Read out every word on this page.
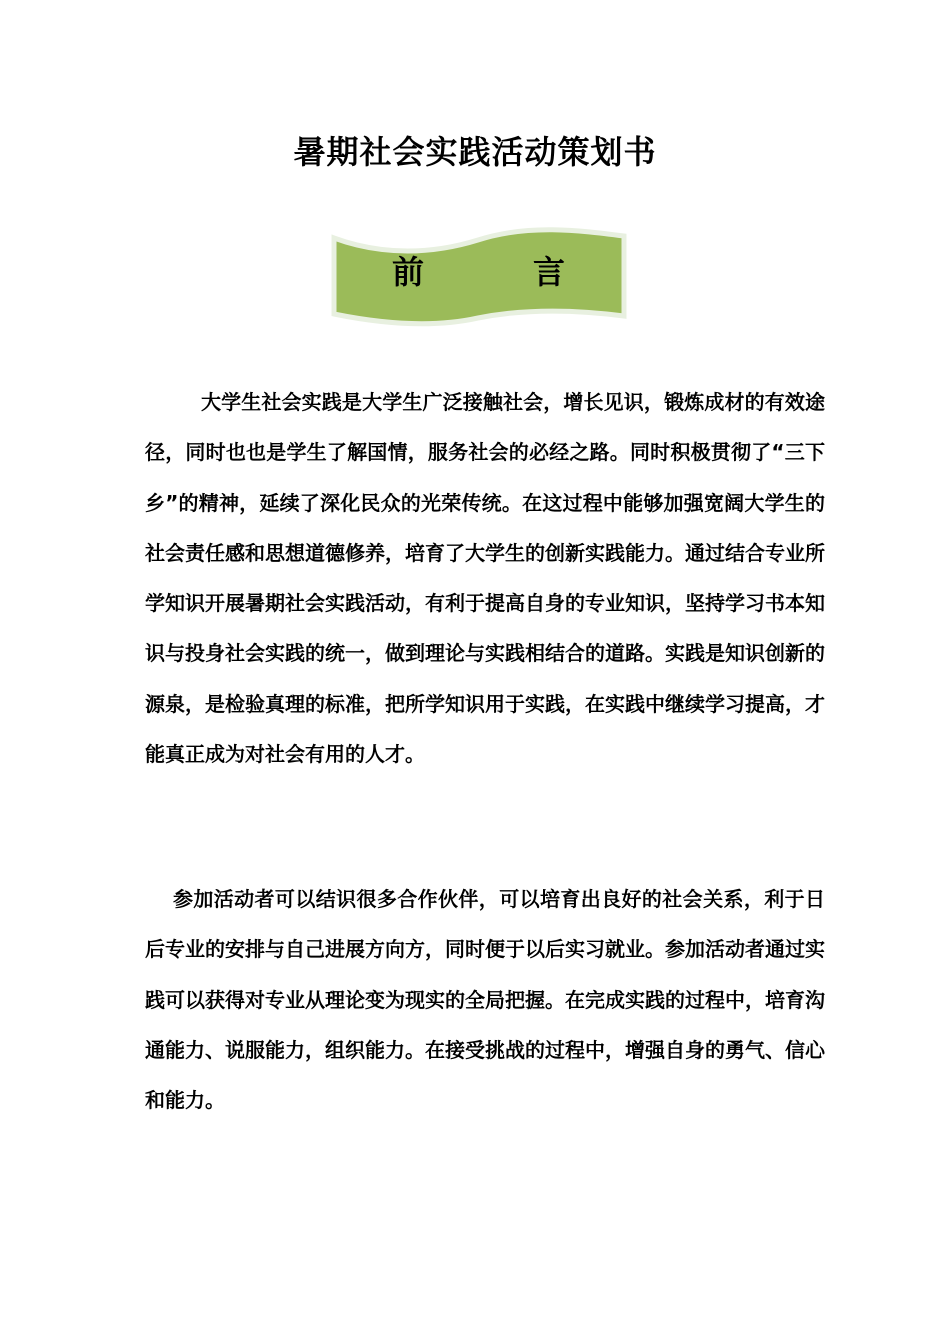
暑期社会实践活动策划书
前	言

大学生社会实践是大学生广泛接触社会，增长见识，锻炼成材的有效途径，同时也也是学生了解国情，服务社会的必经之路。同时积极贯彻了“三下乡”的精神，延续了深化民众的光荣传统。在这过程中能够加强宽阔大学生的社会责任感和思想道德修养，培育了大学生的创新实践能力。通过结合专业所学知识开展暑期社会实践活动，有利于提高自身的专业知识，坚持学习书本知识与投身社会实践的统一，做到理论与实践相结合的道路。实践是知识创新的源泉，是检验真理的标准，把所学知识用于实践，在实践中继续学习提高，才能真正成为对社会有用的人才。

参加活动者可以结识很多合作伙伴，可以培育出良好的社会关系，利于日后专业的安排与自己进展方向方，同时便于以后实习就业。参加活动者通过实践可以获得对专业从理论变为现实的全局把握。在完成实践的过程中，培育沟通能力、说服能力，组织能力。在接受挑战的过程中，增强自身的勇气、信心和能力。
